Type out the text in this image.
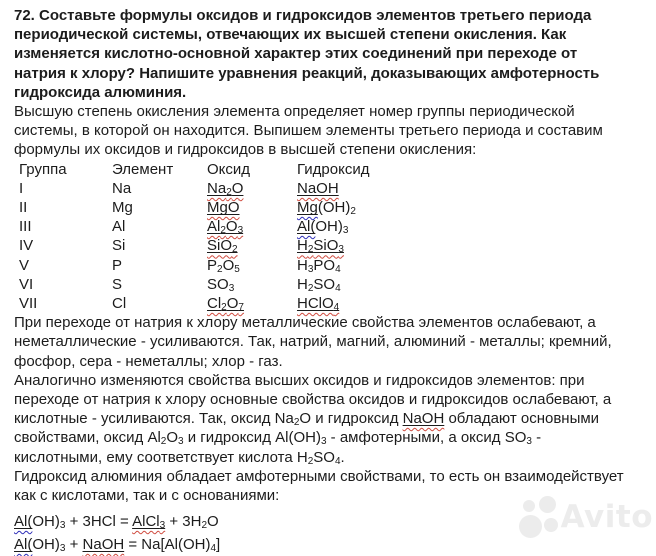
72. Составьте формулы оксидов и гидроксидов элементов третьего периода периодической системы, отвечающих их высшей степени окисления. Как изменяется кислотно-основной характер этих соединений при переходе от натрия к хлору? Напишите уравнения реакций, доказывающих амфотерность гидроксида алюминия.

Высшую степень окисления элемента определяет номер группы периодической системы, в которой он находится. Выпишем элементы третьего периода и составим формулы их оксидов и гидроксидов в высшей степени окисления:

Группа	Элемент	Оксид	Гидроксид
I	Na	$Na_2O$	NaOH
II	Mg	MgO	$Mg(OH)_2$
III	Al	$Al_2O_3$	$Al(OH)_3$
IV	Si	SiO$_2$	$H_2SiO_3$
V	P	$P_2O_5$	$H_3PO_4$
VI	S	$SO_3$	$H_2SO_4$
VII	Cl	$Cl_2O_7$	HClO$_4$

При переходе от натрия к хлору металлические свойства элементов ослабевают, а неметаллические - усиливаются. Так, натрий, магний, алюминий - металлы; кремний, фосфор, сера - неметаллы; хлор - газ.

Аналогично изменяются свойства высших оксидов и гидроксидов элементов: при переходе от натрия к хлору основные свойства оксидов и гидроксидов ослабевают, а кислотные - усиливаются. Так, оксид $Na_2O$ и гидроксид NaOH обладают основными свойствами, оксид $Al_2O_3$ и гидроксид $Al(OH)_3$ - амфотерными, а оксид $SO_3$ - кислотными, ему соответствует кислота $H_2SO_4$.

Гидроксид алюминия обладает амфотерными свойствами, то есть он взаимодействует как с кислотами, так и с основаниями:

$Al(OH)_3 + 3HCl$ = AlCl$_3$ + $3H_2O$
$Al(OH)_3$ + NaOH = $Na[Al(OH)_4]$
Avito
